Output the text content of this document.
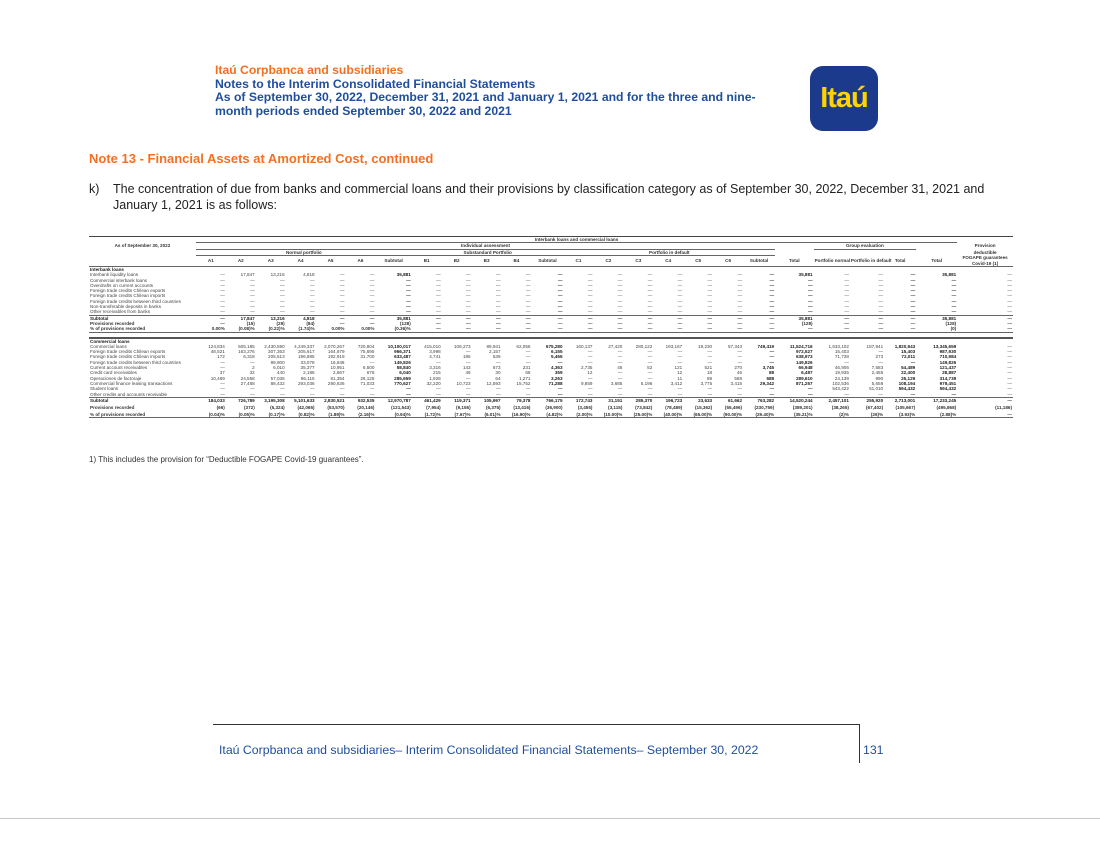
Itaú Corpbanca and subsidiaries
Notes to the Interim Consolidated Financial Statements
As of September 30, 2022, December 31, 2021 and January 1, 2021 and for the three and nine-
month periods ended September 30, 2022 and 2021	Itaú
Note 13 - Financial Assets at Amortized Cost, continued
k) The concentration of due from banks and commercial loans and their provisions by classification category as of September 30, 2022, December 31, 2021 and January 1, 2021 is as follows:
	Interbank loans and commercial loans																								
As of September 30, 2022	Individual assessment																				Group evaluation				Provision
	Normal portfolio							Substandard Portfolio					Portfolio in default												deductible
	A1	A2	A3	A4	A5	A6	Subtotal	B1	B2	B3	B4	Subtotal	C1	C2	C3	C4	C5	C6	Subtotal	Total	Portfolio normal	Portfolio in default	Total	Total	FOGAPE guarantees Covid-19 (1)
Interbank loans																									
Interbank liquidity loans	—	17,847	13,216	4,818	—	—	35,881	—	—	—	—	—	—	—	—	—	—	—	—	35,881	—	—	—	35,881	—
Commercial interbank loans	—	—	—	—	—	—	—	—	—	—	—	—	—	—	—	—	—	—	—	—	—	—	—	—	—
Overdrafts on current accounts	—	—	—	—	—	—	—	—	—	—	—	—	—	—	—	—	—	—	—	—	—	—	—	—	—
Foreign trade credits Chilean exports	—	—	—	—	—	—	—	—	—	—	—	—	—	—	—	—	—	—	—	—	—	—	—	—	—
Foreign trade credits Chilean imports	—	—	—	—	—	—	—	—	—	—	—	—	—	—	—	—	—	—	—	—	—	—	—	—	—
Foreign trade credits between third countries	—	—	—	—	—	—	—	—	—	—	—	—	—	—	—	—	—	—	—	—	—	—	—	—	—
Non-transferable deposits in banks	—	—	—	—	—	—	—	—	—	—	—	—	—	—	—	—	—	—	—	—	—	—	—	—	—
Other receivables from banks	—	—	—	—	—	—	—	—	—	—	—	—	—	—	—	—	—	—	—	—	—	—	—	—	—
Subtotal	—	17,847	13,216	4,818	—	—	35,881	—	—	—	—	—	—	—	—	—	—	—	—	35,881	—	—	—	35,881	—
Provisions recorded	—	(15)	(29)	(84)	—	—	(128)	—	—	—	—	—	—	—	—	—	—	—	—	(128)	—	—	—	(128)	—
% of provisions recorded	0.00%	(0.08)%	(0.22)%	(1.74)%	0.00%	0.00%	(0.36)%	—	—	—	—	—	—	—	—	—	—	—	—	—	—	—	—	(0)	—

Commercial loans																									
Commercial loans	124,834	505,185	2,430,590	4,249,337	2,070,267	720,804	10,100,017	415,010	108,273	89,941	62,056	675,280	160,137	27,420	280,122	193,167	19,230	57,343	749,419	11,524,716	1,633,102	187,841	1,820,943	13,345,659	—
Foreign trade credits Chilean exports	48,521	163,276	307,363	205,617	164,879	75,695	966,371	3,998	—	2,157	—	6,155	—	—	—	—	—	—	—	972,527	15,403	—	15,403	987,930	—
Foreign trade credits Chilean imports	172	6,318	205,513	196,885	192,919	31,700	633,487	4,741	186	539	—	5,466	—	—	—	—	—	—	—	638,973	71,738	273	72,011	710,984	—
Foreign trade credits between third countries	—	—	99,900	33,078	16,848	—	149,826	—	—	—	—	—	—	—	—	—	—	—	—	149,826	—	—	—	149,826	—
Current account receivables	—	2	6,010	35,377	10,951	6,500	58,840	3,316	143	673	231	4,363	2,735	46	52	121	521	270	3,745	66,948	46,906	7,583	54,489	121,437	—
Credit card receivables	37	32	440	2,186	2,667	678	6,040	215	46	30	68	359	12	—	—	12	18	46	88	6,487	19,935	2,465	22,400	28,887	—
Operaciones de factoraje	10,469	24,558	57,036	86,115	81,354	26,125	285,659	1,928	—	64	1,271	3,263	—	—	—	11	89	588	688	289,610	24,139	990	25,129	314,739	—
Commercial finance leasing transactions	—	27,488	88,432	293,036	290,636	71,033	770,627	32,220	10,723	12,593	15,752	71,288	9,859	3,685	5,196	3,412	3,775	3,415	29,342	871,257	102,536	5,658	108,194	979,451	—
Student loans	—	—	—	—	—	—	—	—	—	—	—	—	—	—	—	—	—	—	—	—	543,422	51,010	594,432	594,432	—
Other credits and accounts receivable	—	—	—	—	—	—	—	—	—	—	—	—	—	—	—	—	—	—	—	—	—	—	—	—	—
Subtotal	184,033	726,789	3,195,308	5,101,633	2,830,521	932,535	12,970,787	461,429	119,371	105,997	79,378	766,175	172,743	31,151	285,370	196,723	23,633	61,662	763,282	14,520,244	2,457,101	255,920	2,713,001	17,233,245	—
Provisions recorded	(66)	(372)	(5,324)	(42,065)	(53,570)	(20,146)	(121,543)	(7,954)	(9,155)	(6,375)	(13,416)	(36,900)	(3,455)	(3,115)	(73,842)	(78,489)	(15,362)	(55,496)	(230,759)	(389,201)	(38,265)	(67,402)	(105,667)	(495,868)	(11,186)
% of provisions recorded	(0.04)%	(0.05)%	(0.17)%	(0.82)%	(1.89)%	(2.16)%	(0.94)%	(1.72)%	(7.67)%	(6.01)%	(16.90)%	(4.82)%	(2.00)%	(10.00)%	(25.00)%	(40.00)%	(65.00)%	(90.00)%	(29.40)%	(35.21)%	(2)%	(26)%	(3.93)%	(2.88)%	—
1) This includes the provision for “Deductible FOGAPE Covid-19 guarantees”.
Itaú Corpbanca and subsidiaries– Interim Consolidated Financial Statements– September 30, 2022	131
